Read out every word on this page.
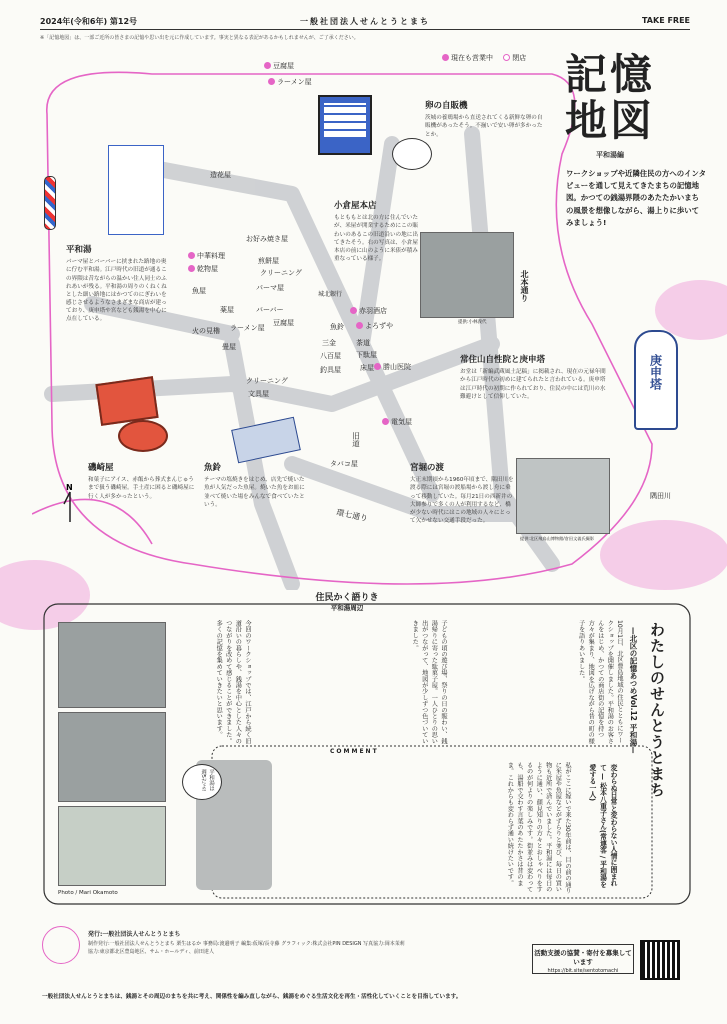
2024年(令和6年) 第12号	一般社団法人せんとうとまち	TAKE FREE
※「記憶地図」は、一部ご近所の皆さまの記憶や思い出を元に作成しています。事実と異なる表記があるかもしれませんが、ご了承ください。
N
現在も営業中	閉店
豆腐屋
ラーメン屋
造花屋
お好み焼き屋
中華料理
乾物屋
煎餅屋
クリーニング
魚屋	パーマ屋
バーバー
豆腐屋
ラーメン屋
薬屋
火の見櫓
畳屋
城北銀行
赤羽酒店
よろずや
魚鈴
三金	茶道
下駄屋
勝山医院
八百屋
床屋
釣具屋
文具屋
クリーニング
電気屋
タバコ屋
北本通り
旧道
環七通り
隅田川
庚申塔
提供:小林義代
提供:北区飛鳥山博物館/倉田文義氏撮影
卵の自販機
茨城の養鶏場から直送されてくる新鮮な卵の自販機があったそう。不揃いで安い卵が多かったとか。
小倉屋本店
もとももとは北の方に住んでいたが、米屋が開業するためにこの賑わいのあるこの旧道沿いの地に出てきたそう。右の写真は、小倉屋本店の前に山のように米俵が積み重なっている様子。
平和湯
パーマ屋とバーバーに挟まれた路地の奥に佇む平和湯。江戸時代の旧道が通るこの界隈は昔ながらの温かい住人同士のふれあいが残る。平和湯の周りのくねくねとした細い路地にはかつてのにぎわいを感じさせるようなさまざまな商店が建っており、庚申塔や宮なども銭湯を中心に点在している。
常住山自性院と庚申塔
お堂は「新編武蔵風土記稿」に掲載され、現在の元禄年間から江戸時代の初めに建てられたと言われている。庚申塔は江戸時代の初期に作られており、住民の中には荒川の水難避けとして信仰していた。
磯崎屋
和菓子にアイス、赤飯から葬式まんじゅうまで扱う磯崎屋。手土産に困ると磯崎屋に行く人が多かったという。
魚鈴
テーマの塩焼きをはじめ、店先で焼いた魚が人気だった魚屋。焼いた魚をお皿に並べて焼いた場をみんなで食べていたという。
宮堀の渡
大正末期頃から1960年頃まで、隅田川を渡る際には宮堀の渡船場から渡し舟に乗って移動していた。毎月21日の西新井の大師参りで多くの人が利用するなど、橋が少ない時代にはこの地域の人々にとって欠かせない交通手段だった。
記憶
地図
平和湯編
ワークショップや近隣住民の方へのインタビューを通して見えてきたまちの記憶地図。かつての銭湯界隈のあたたかいまちの風景を想像しながら、湯上りに歩いてみましょう!
住民かく語りき
平和湯周辺
Photo / Mari Okamoto
今回のワークショップでは、江戸から続く旧道沿いの暮らしや、銭湯を中心とした人々のつながりを改めて感じることができました。多くの記憶を集めていきたいと思います。	子どもの頃の遊び場、祭りの日の賑わい、銭湯帰りに寄った駄菓子屋。一人ひとりの思い出がつながって、地図が少しずつ色づいていきました。	10月1日、北区豊島地域の住民とともにワークショップを開催しました。平和湯のお客さんをはじめ、かつての商店街の記憶を持つ方々が集まり、地図を広げながら昔の町の様子を語りあいました。	わたしのせんとうとまち
—北区の記憶あつめVol.12 平和湯—
COMMENT
平和湯は週5だよ!	私がここに嫁いで来た30年前は、目の前の通りに米屋や魚屋などがずらりと並び、毎日の買い物も近所で済んでいました。平和湯には毎日のように通い、顔見知りの方々とおしゃべりをするのが何よりの楽しみです。街並みは変わっても、湯船で交わす言葉のあたたかさは昔のまま。これからも変わらず通い続けたいです。	変わらぬ日常と変わらない人情に囲まれて — 松本八重子さん(常連客 / 平和湯を愛する一人)
発行:一般社団法人せんとうとまち
制作発行:一般社団法人せんとうとまち 栗生はるか 事務局:渡邊明子 編集:仮塚/長寺藤 グラフィック:株式会社PIN DESIGN 写真協力:岡本茉莉
協力:東京都北区豊島地区、サム・ホールディ、前田達人
一般社団法人せんとうとまちは、銭湯とその周辺のまちを共に考え、関係性を編み直しながら、銭湯をめぐる生活文化を再生・活性化していくことを目指しています。
活動支援の協賛・寄付を募集しています
https://bit.site/sentotomachi
